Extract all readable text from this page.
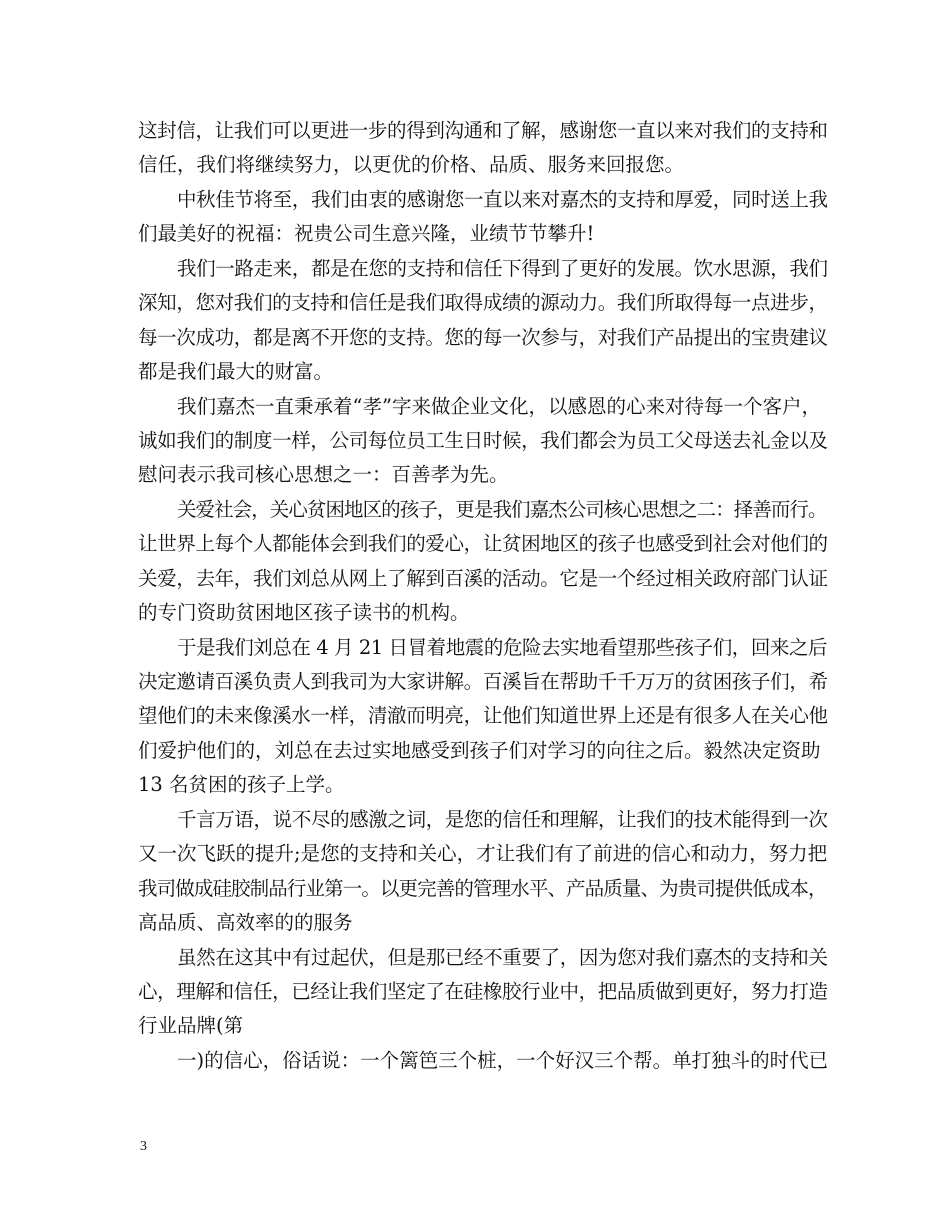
这封信，让我们可以更进一步的得到沟通和了解，感谢您一直以来对我们的支持和
信任，我们将继续努力，以更优的价格、品质、服务来回报您。
中秋佳节将至，我们由衷的感谢您一直以来对嘉杰的支持和厚爱，同时送上我
们最美好的祝福：祝贵公司生意兴隆，业绩节节攀升!
我们一路走来，都是在您的支持和信任下得到了更好的发展。饮水思源，我们
深知，您对我们的支持和信任是我们取得成绩的源动力。我们所取得每一点进步，
每一次成功，都是离不开您的支持。您的每一次参与，对我们产品提出的宝贵建议
都是我们最大的财富。
我们嘉杰一直秉承着“孝”字来做企业文化，以感恩的心来对待每一个客户，
诚如我们的制度一样，公司每位员工生日时候，我们都会为员工父母送去礼金以及
慰问表示我司核心思想之一：百善孝为先。
关爱社会，关心贫困地区的孩子，更是我们嘉杰公司核心思想之二：择善而行。
让世界上每个人都能体会到我们的爱心，让贫困地区的孩子也感受到社会对他们的
关爱，去年，我们刘总从网上了解到百溪的活动。它是一个经过相关政府部门认证
的专门资助贫困地区孩子读书的机构。
于是我们刘总在 4 月 21 日冒着地震的危险去实地看望那些孩子们，回来之后
决定邀请百溪负责人到我司为大家讲解。百溪旨在帮助千千万万的贫困孩子们，希
望他们的未来像溪水一样，清澈而明亮，让他们知道世界上还是有很多人在关心他
们爱护他们的，刘总在去过实地感受到孩子们对学习的向往之后。毅然决定资助
13 名贫困的孩子上学。
千言万语，说不尽的感激之词，是您的信任和理解，让我们的技术能得到一次
又一次飞跃的提升;是您的支持和关心，才让我们有了前进的信心和动力，努力把
我司做成硅胶制品行业第一。以更完善的管理水平、产品质量、为贵司提供低成本，
高品质、高效率的的服务
虽然在这其中有过起伏，但是那已经不重要了，因为您对我们嘉杰的支持和关
心，理解和信任，已经让我们坚定了在硅橡胶行业中，把品质做到更好，努力打造
行业品牌(第
一)的信心，俗话说：一个篱笆三个桩，一个好汉三个帮。单打独斗的时代已
3
